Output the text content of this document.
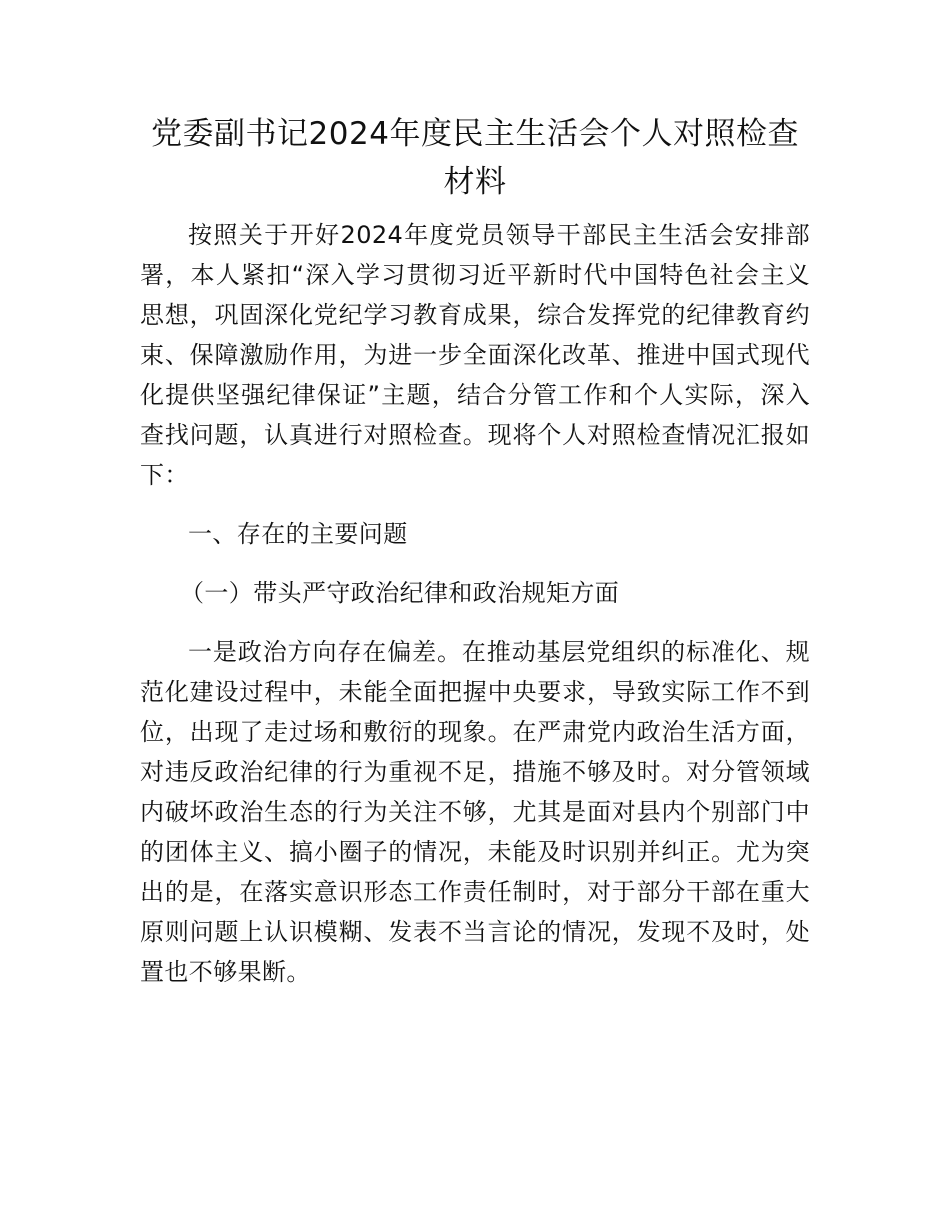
党委副书记2024年度民主生活会个人对照检查材料

按照关于开好2024年度党员领导干部民主生活会安排部署，本人紧扣“深入学习贯彻习近平新时代中国特色社会主义思想，巩固深化党纪学习教育成果，综合发挥党的纪律教育约束、保障激励作用，为进一步全面深化改革、推进中国式现代化提供坚强纪律保证”主题，结合分管工作和个人实际，深入查找问题，认真进行对照检查。现将个人对照检查情况汇报如下：

一、存在的主要问题

（一）带头严守政治纪律和政治规矩方面

一是政治方向存在偏差。在推动基层党组织的标准化、规范化建设过程中，未能全面把握中央要求，导致实际工作不到位，出现了走过场和敷衍的现象。在严肃党内政治生活方面，对违反政治纪律的行为重视不足，措施不够及时。对分管领域内破坏政治生态的行为关注不够，尤其是面对县内个别部门中的团体主义、搞小圈子的情况，未能及时识别并纠正。尤为突出的是，在落实意识形态工作责任制时，对于部分干部在重大原则问题上认识模糊、发表不当言论的情况，发现不及时，处置也不够果断。
